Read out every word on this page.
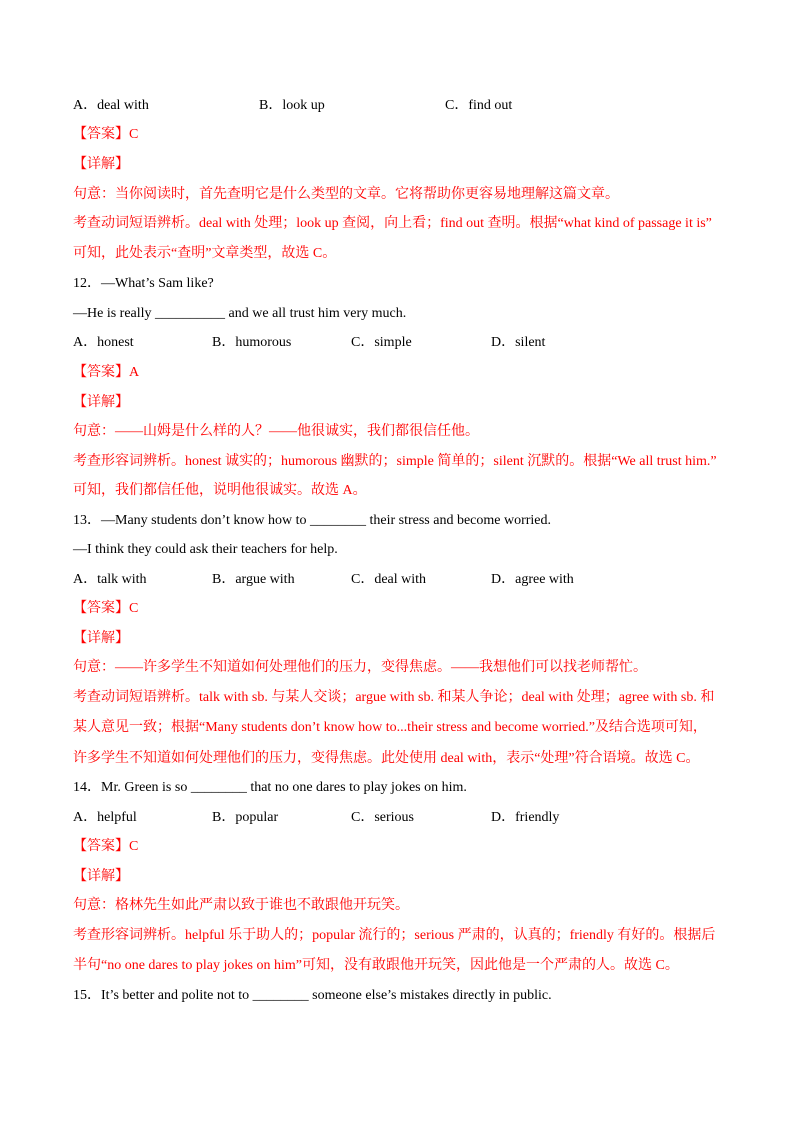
A．deal with	B．look up	C．find out
【答案】C
【详解】
句意：当你阅读时，首先查明它是什么类型的文章。它将帮助你更容易地理解这篇文章。
考查动词短语辨析。deal with 处理；look up 查阅，向上看；find out 查明。根据“what kind of passage it is”
可知，此处表示“查明”文章类型，故选 C。
12．—What’s Sam like?
—He is really __________ and we all trust him very much.
A．honest	B．humorous	C．simple	D．silent
【答案】A
【详解】
句意：——山姆是什么样的人？——他很诚实，我们都很信任他。
考查形容词辨析。honest 诚实的；humorous 幽默的；simple 简单的；silent 沉默的。根据“We all trust him.”
可知，我们都信任他，说明他很诚实。故选 A。
13．—Many students don’t know how to ________ their stress and become worried.
—I think they could ask their teachers for help.
A．talk with	B．argue with	C．deal with	D．agree with
【答案】C
【详解】
句意：——许多学生不知道如何处理他们的压力，变得焦虑。——我想他们可以找老师帮忙。
考查动词短语辨析。talk with sb. 与某人交谈；argue with sb. 和某人争论；deal with 处理；agree with sb. 和
某人意见一致；根据“Many students don’t know how to...their stress and become worried.”及结合选项可知，
许多学生不知道如何处理他们的压力，变得焦虑。此处使用 deal with，表示“处理”符合语境。故选 C。
14．Mr. Green is so ________ that no one dares to play jokes on him.
A．helpful	B．popular	C．serious	D．friendly
【答案】C
【详解】
句意：格林先生如此严肃以致于谁也不敢跟他开玩笑。
考查形容词辨析。helpful 乐于助人的；popular 流行的；serious 严肃的，认真的；friendly 有好的。根据后
半句“no one dares to play jokes on him”可知，没有敢跟他开玩笑，因此他是一个严肃的人。故选 C。
15．It’s better and polite not to ________ someone else’s mistakes directly in public.
